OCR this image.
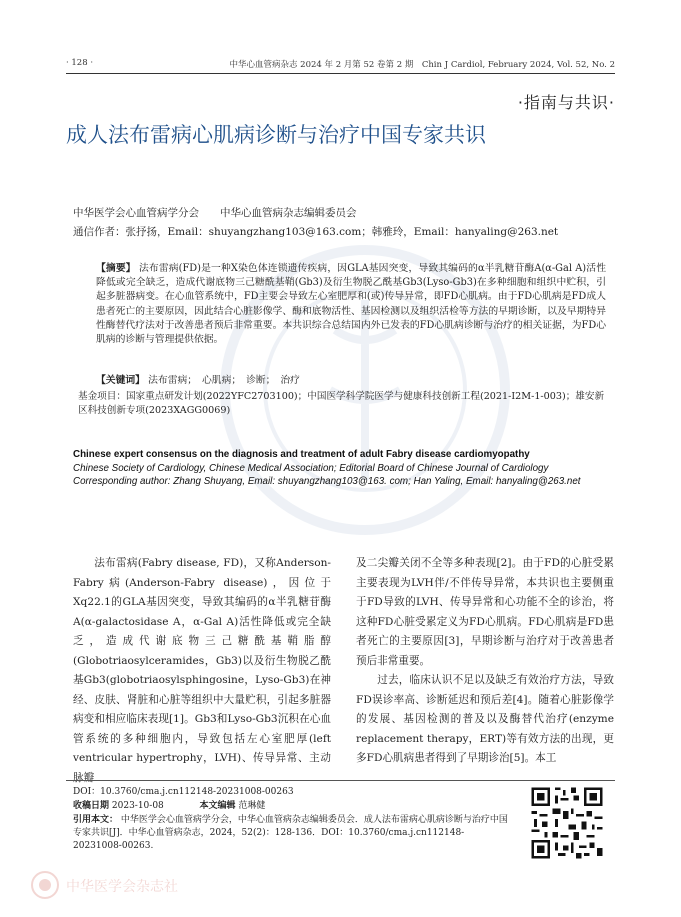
· 128 ·	中华心血管病杂志 2024 年 2 月第 52 卷第 2 期　Chin J Cardiol, February 2024, Vol. 52, No. 2
·指南与共识·
成人法布雷病心肌病诊断与治疗中国专家共识
中华医学会心血管病学分会　　中华心血管病杂志编辑委员会
通信作者：张抒扬，Email：shuyangzhang103@163.com；韩雅玲，Email：hanyaling@263.net
【摘要】 法布雷病(FD)是一种X染色体连锁遗传疾病，因GLA基因突变，导致其编码的α半乳糖苷酶A(α-Gal A)活性降低或完全缺乏，造成代谢底物三己糖酰基鞘(Gb3)及衍生物脱乙酰基Gb3(Lyso-Gb3)在多种细胞和组织中贮积，引起多脏器病变。在心血管系统中，FD主要会导致左心室肥厚和(或)传导异常，即FD心肌病。由于FD心肌病是FD成人患者死亡的主要原因，因此结合心脏影像学、酶和底物活性、基因检测以及组织活检等方法的早期诊断，以及早期特异性酶替代疗法对于改善患者预后非常重要。本共识综合总结国内外已发表的FD心肌病诊断与治疗的相关证据，为FD心肌病的诊断与管理提供依据。
【关键词】 法布雷病；　心肌病；　诊断；　治疗
基金项目：国家重点研发计划(2022YFC2703100)；中国医学科学院医学与健康科技创新工程(2021-I2M-1-003)；雄安新区科技创新专项(2023XAGG0069)
Chinese expert consensus on the diagnosis and treatment of adult Fabry disease cardiomyopathy
Chinese Society of Cardiology, Chinese Medical Association; Editorial Board of Chinese Journal of Cardiology
Corresponding author: Zhang Shuyang, Email: shuyangzhang103@163. com; Han Yaling, Email: hanyaling@263.net
法布雷病(Fabry disease, FD)，又称Anderson-Fabry病(Anderson-Fabry disease)，因位于Xq22.1的GLA基因突变，导致其编码的α半乳糖苷酶A(α-galactosidase A，α-Gal A)活性降低或完全缺乏，造成代谢底物三己糖酰基鞘脂醇(Globotriaosylceramides，Gb3)以及衍生物脱乙酰基Gb3(globotriaosylsphingosine，Lyso-Gb3)在神经、皮肤、肾脏和心脏等组织中大量贮积，引起多脏器病变和相应临床表现[1]。Gb3和Lyso-Gb3沉积在心血管系统的多种细胞内，导致包括左心室肥厚(left ventricular hypertrophy，LVH)、传导异常、主动脉瓣
及二尖瓣关闭不全等多种表现[2]。由于FD的心脏受累主要表现为LVH伴/不伴传导异常，本共识也主要侧重于FD导致的LVH、传导异常和心功能不全的诊治，将这种FD心脏受累定义为FD心肌病。FD心肌病是FD患者死亡的主要原因[3]，早期诊断与治疗对于改善患者预后非常重要。
过去，临床认识不足以及缺乏有效治疗方法，导致FD误诊率高、诊断延迟和预后差[4]。随着心脏影像学的发展、基因检测的普及以及酶替代治疗(enzyme replacement therapy，ERT)等有效方法的出现，更多FD心肌病患者得到了早期诊治[5]。本工
DOI：10.3760/cma.j.cn112148-20231008-00263
收稿日期 2023-10-08	本文编辑 范琳健
引用本文： 中华医学会心血管病学分会，中华心血管病杂志编辑委员会．成人法布雷病心肌病诊断与治疗中国专家共识[J]．中华心血管病杂志，2024，52(2)：128-136．DOI：10.3760/cma.j.cn112148-20231008-00263.
中华医学会杂志社
